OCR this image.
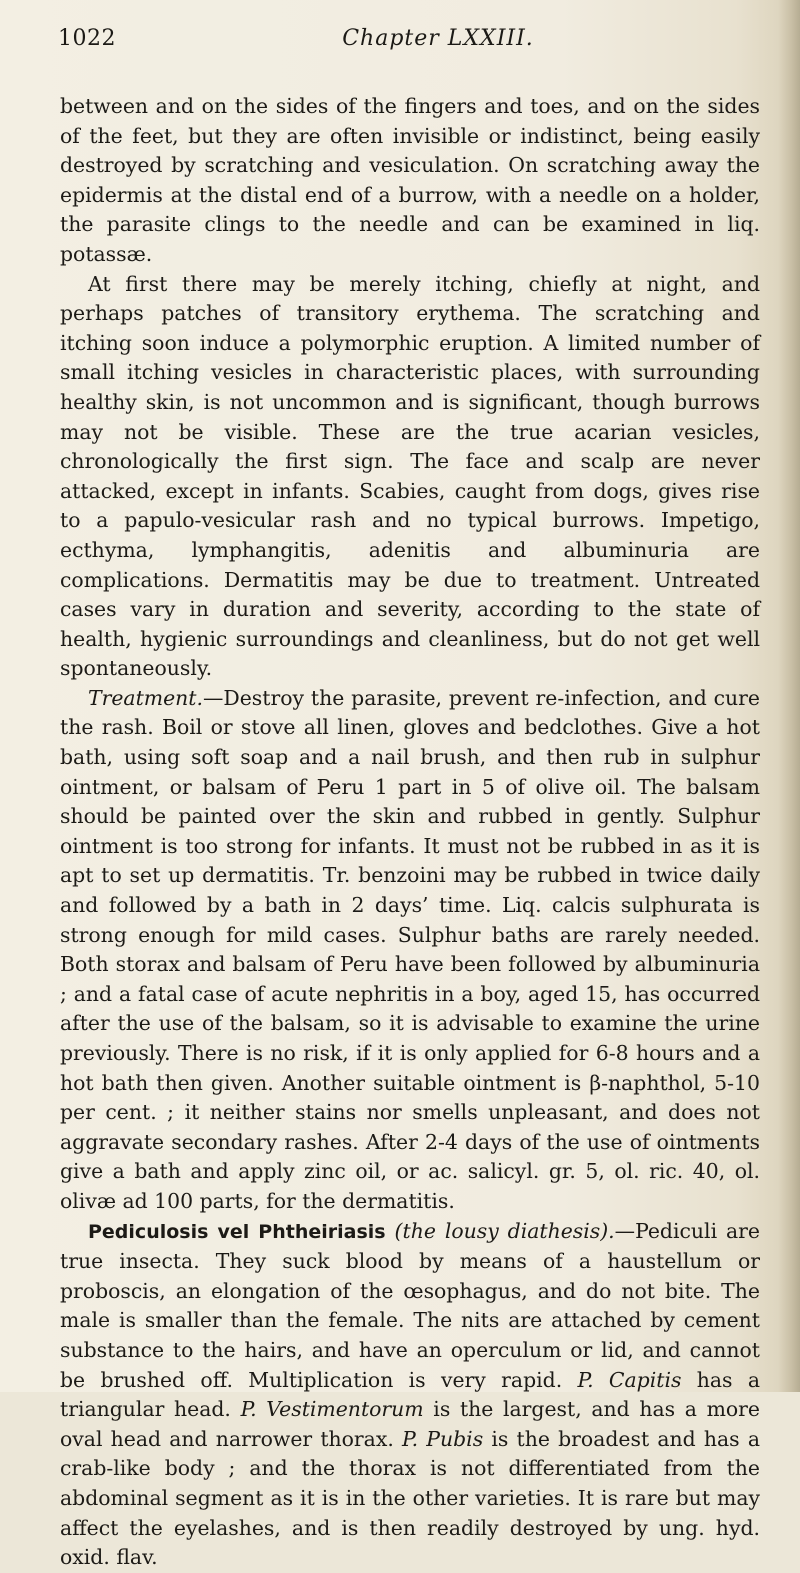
1022	Chapter LXXIII.

between and on the sides of the fingers and toes, and on the sides of the feet, but they are often invisible or indistinct, being easily destroyed by scratching and vesiculation. On scratching away the epidermis at the distal end of a burrow, with a needle on a holder, the parasite clings to the needle and can be examined in liq. potassæ.

At first there may be merely itching, chiefly at night, and perhaps patches of transitory erythema. The scratching and itching soon induce a polymorphic eruption. A limited number of small itching vesicles in characteristic places, with surrounding healthy skin, is not uncommon and is significant, though burrows may not be visible. These are the true acarian vesicles, chronologically the first sign. The face and scalp are never attacked, except in infants. Scabies, caught from dogs, gives rise to a papulo-vesicular rash and no typical burrows. Impetigo, ecthyma, lymphangitis, adenitis and albuminuria are complications. Dermatitis may be due to treatment. Untreated cases vary in duration and severity, according to the state of health, hygienic surroundings and cleanliness, but do not get well spontaneously.

Treatment.—Destroy the parasite, prevent re-infection, and cure the rash. Boil or stove all linen, gloves and bedclothes. Give a hot bath, using soft soap and a nail brush, and then rub in sulphur ointment, or balsam of Peru 1 part in 5 of olive oil. The balsam should be painted over the skin and rubbed in gently. Sulphur ointment is too strong for infants. It must not be rubbed in as it is apt to set up dermatitis. Tr. benzoini may be rubbed in twice daily and followed by a bath in 2 days’ time. Liq. calcis sulphurata is strong enough for mild cases. Sulphur baths are rarely needed. Both storax and balsam of Peru have been followed by albuminuria ; and a fatal case of acute nephritis in a boy, aged 15, has occurred after the use of the balsam, so it is advisable to examine the urine previously. There is no risk, if it is only applied for 6-8 hours and a hot bath then given. Another suitable ointment is β-naphthol, 5-10 per cent. ; it neither stains nor smells unpleasant, and does not aggravate secondary rashes. After 2-4 days of the use of ointments give a bath and apply zinc oil, or ac. salicyl. gr. 5, ol. ric. 40, ol. olivæ ad 100 parts, for the dermatitis.

Pediculosis vel Phtheiriasis (the lousy diathesis).—Pediculi are true insecta. They suck blood by means of a haustellum or proboscis, an elongation of the œsophagus, and do not bite. The male is smaller than the female. The nits are attached by cement substance to the hairs, and have an operculum or lid, and cannot be brushed off. Multiplication is very rapid. P. Capitis has a triangular head. P. Vestimentorum is the largest, and has a more oval head and narrower thorax. P. Pubis is the broadest and has a crab-like body ; and the thorax is not differentiated from the abdominal segment as it is in the other varieties. It is rare but may affect the eyelashes, and is then readily destroyed by ung. hyd. oxid. flav.
